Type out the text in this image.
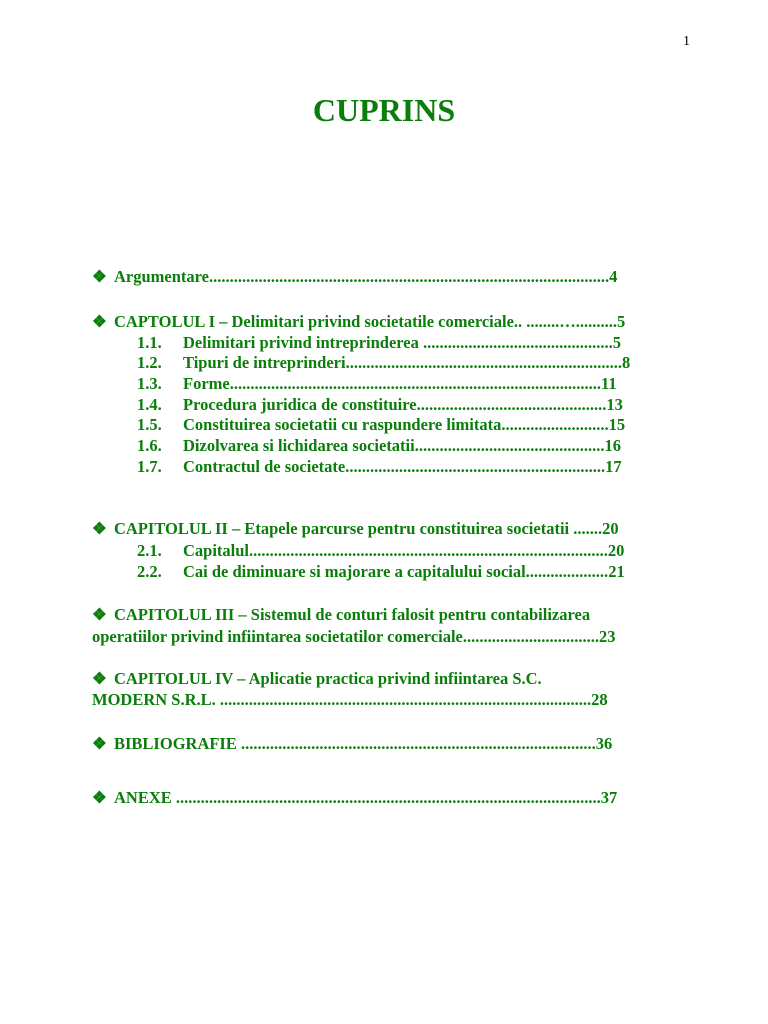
1
CUPRINS
❖ Argumentare.................................................................................................4
❖ CAPTOLUL I – Delimitari privind societatile comerciale.. ........…..........5
1.1. Delimitari privind intreprinderea ..............................................5
1.2. Tipuri de intreprinderi...................................................................8
1.3. Forme..........................................................................................11
1.4. Procedura juridica de constituire..............................................13
1.5. Constituirea societatii cu raspundere limitata..........................15
1.6. Dizolvarea si lichidarea societatii..............................................16
1.7. Contractul de societate...............................................................17
❖ CAPITOLUL II – Etapele parcurse pentru constituirea societatii .......20
2.1. Capitalul.......................................................................................20
2.2. Cai de diminuare si majorare a capitalului social....................21
❖ CAPITOLUL III – Sistemul de conturi falosit pentru contabilizarea
operatiilor privind infiintarea societatilor comerciale.................................23
❖ CAPITOLUL IV – Aplicatie practica privind infiintarea S.C.
MODERN S.R.L. ..........................................................................................28
❖ BIBLIOGRAFIE ......................................................................................36
❖ ANEXE .......................................................................................................37
